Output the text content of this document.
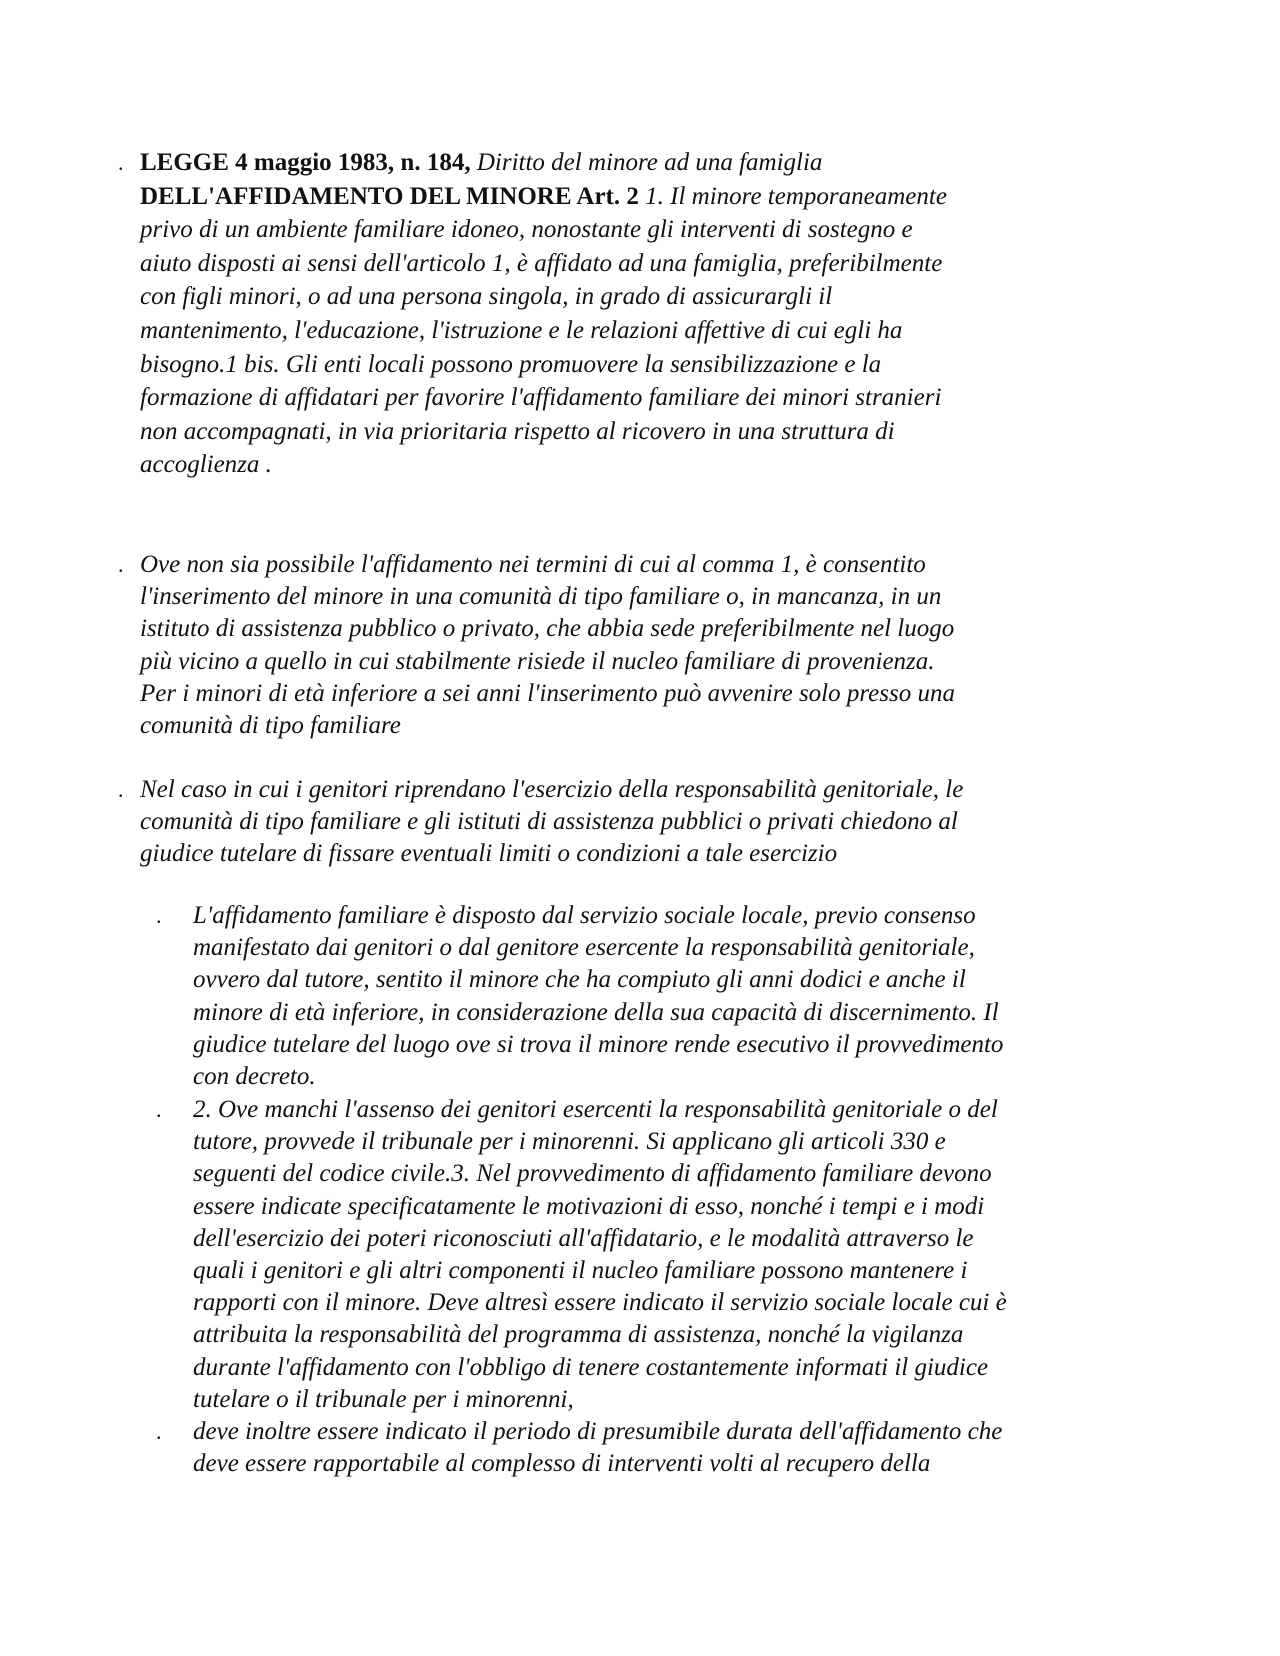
. LEGGE 4 maggio 1983, n. 184, Diritto del minore ad una famiglia
DELL'AFFIDAMENTO DEL MINORE Art. 2 1. Il minore temporaneamente
privo di un ambiente familiare idoneo, nonostante gli interventi di sostegno e
aiuto disposti ai sensi dell'articolo 1, è affidato ad una famiglia, preferibilmente
con figli minori, o ad una persona singola, in grado di assicurargli il
mantenimento, l'educazione, l'istruzione e le relazioni affettive di cui egli ha
bisogno.1 bis. Gli enti locali possono promuovere la sensibilizzazione e la
formazione di affidatari per favorire l'affidamento familiare dei minori stranieri
non accompagnati, in via prioritaria rispetto al ricovero in una struttura di
accoglienza .
. Ove non sia possibile l'affidamento nei termini di cui al comma 1, è consentito
l'inserimento del minore in una comunità di tipo familiare o, in mancanza, in un
istituto di assistenza pubblico o privato, che abbia sede preferibilmente nel luogo
più vicino a quello in cui stabilmente risiede il nucleo familiare di provenienza.
Per i minori di età inferiore a sei anni l'inserimento può avvenire solo presso una
comunità di tipo familiare
. Nel caso in cui i genitori riprendano l'esercizio della responsabilità genitoriale, le
comunità di tipo familiare e gli istituti di assistenza pubblici o privati chiedono al
giudice tutelare di fissare eventuali limiti o condizioni a tale esercizio
. L'affidamento familiare è disposto dal servizio sociale locale, previo consenso
manifestato dai genitori o dal genitore esercente la responsabilità genitoriale,
ovvero dal tutore, sentito il minore che ha compiuto gli anni dodici e anche il
minore di età inferiore, in considerazione della sua capacità di discernimento. Il
giudice tutelare del luogo ove si trova il minore rende esecutivo il provvedimento
con decreto.
. 2. Ove manchi l'assenso dei genitori esercenti la responsabilità genitoriale o del
tutore, provvede il tribunale per i minorenni. Si applicano gli articoli 330 e
seguenti del codice civile.3. Nel provvedimento di affidamento familiare devono
essere indicate specificatamente le motivazioni di esso, nonché i tempi e i modi
dell'esercizio dei poteri riconosciuti all'affidatario, e le modalità attraverso le
quali i genitori e gli altri componenti il nucleo familiare possono mantenere i
rapporti con il minore. Deve altresì essere indicato il servizio sociale locale cui è
attribuita la responsabilità del programma di assistenza, nonché la vigilanza
durante l'affidamento con l'obbligo di tenere costantemente informati il giudice
tutelare o il tribunale per i minorenni,
. deve inoltre essere indicato il periodo di presumibile durata dell'affidamento che
deve essere rapportabile al complesso di interventi volti al recupero della
